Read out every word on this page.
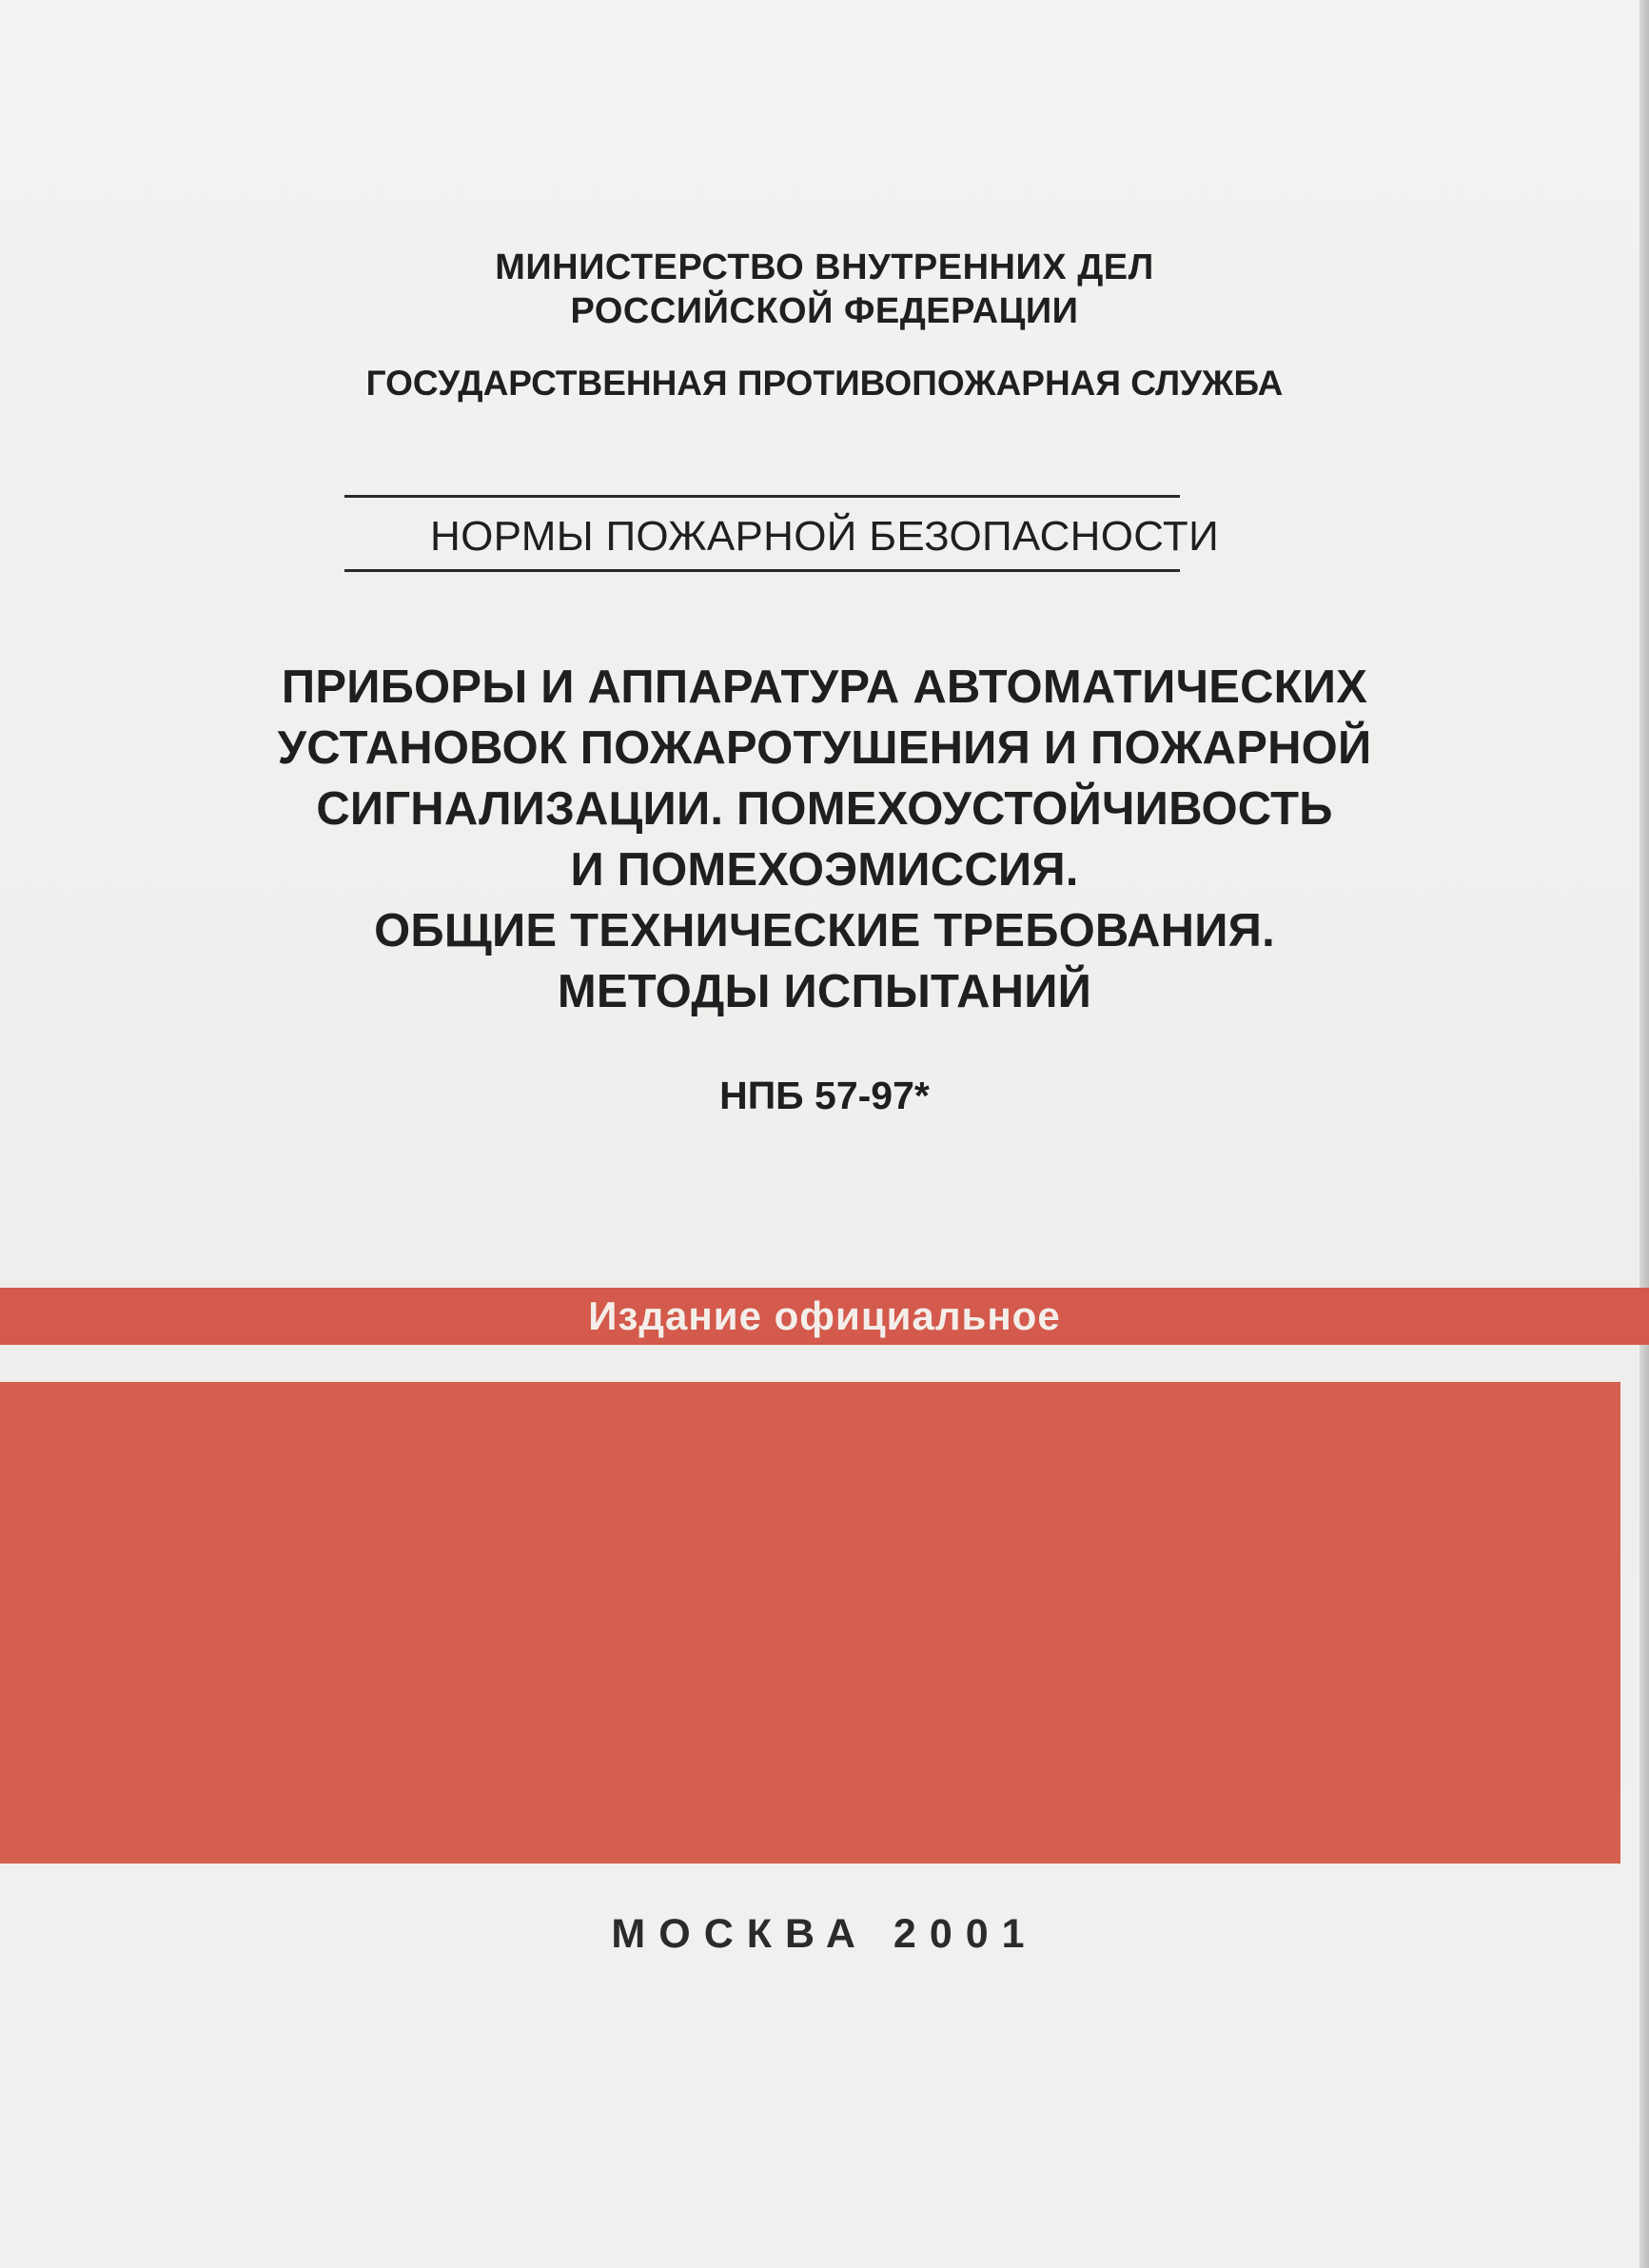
МИНИСТЕРСТВО ВНУТРЕННИХ ДЕЛ
РОССИЙСКОЙ ФЕДЕРАЦИИ
ГОСУДАРСТВЕННАЯ ПРОТИВОПОЖАРНАЯ СЛУЖБА
НОРМЫ ПОЖАРНОЙ БЕЗОПАСНОСТИ
ПРИБОРЫ И АППАРАТУРА АВТОМАТИЧЕСКИХ
УСТАНОВОК ПОЖАРОТУШЕНИЯ И ПОЖАРНОЙ
СИГНАЛИЗАЦИИ. ПОМЕХОУСТОЙЧИВОСТЬ
И ПОМЕХОЭМИССИЯ.
ОБЩИЕ ТЕХНИЧЕСКИЕ ТРЕБОВАНИЯ.
МЕТОДЫ ИСПЫТАНИЙ
НПБ 57-97*
Издание официальное
МОСКВА 2001
